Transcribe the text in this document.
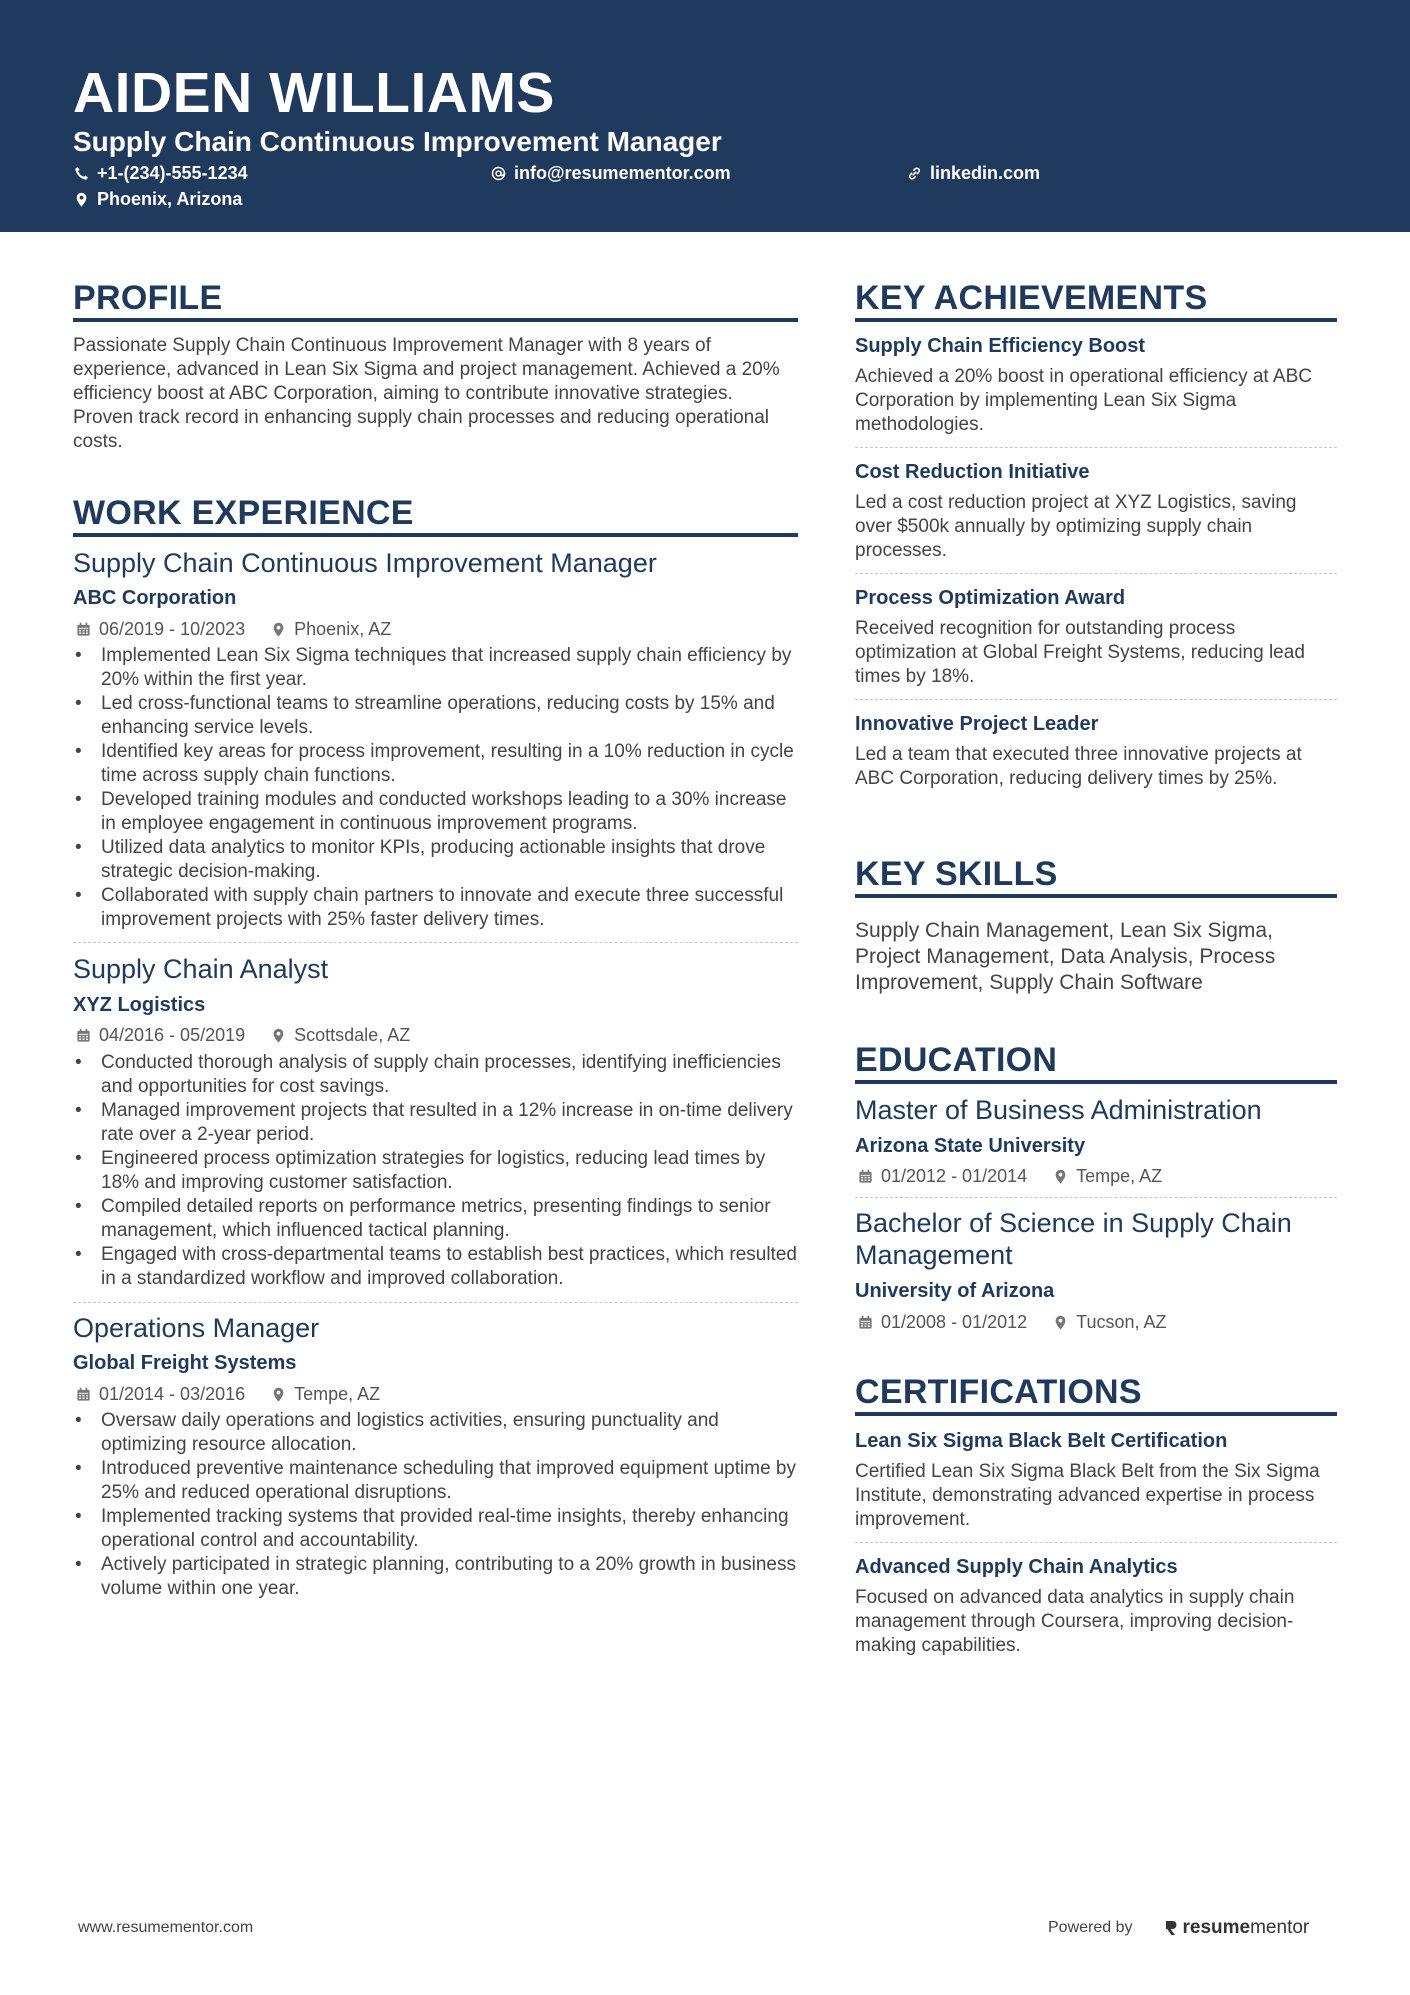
AIDEN WILLIAMS
Supply Chain Continuous Improvement Manager
+1-(234)-555-1234	info@resumementor.com	linkedin.com
Phoenix, Arizona
PROFILE
Passionate Supply Chain Continuous Improvement Manager with 8 years of experience, advanced in Lean Six Sigma and project management. Achieved a 20% efficiency boost at ABC Corporation, aiming to contribute innovative strategies. Proven track record in enhancing supply chain processes and reducing operational costs.
WORK EXPERIENCE
Supply Chain Continuous Improvement Manager
ABC Corporation
06/2019 - 10/2023	Phoenix, AZ
• Implemented Lean Six Sigma techniques that increased supply chain efficiency by 20% within the first year.
• Led cross-functional teams to streamline operations, reducing costs by 15% and enhancing service levels.
• Identified key areas for process improvement, resulting in a 10% reduction in cycle time across supply chain functions.
• Developed training modules and conducted workshops leading to a 30% increase in employee engagement in continuous improvement programs.
• Utilized data analytics to monitor KPIs, producing actionable insights that drove strategic decision-making.
• Collaborated with supply chain partners to innovate and execute three successful improvement projects with 25% faster delivery times.
Supply Chain Analyst
XYZ Logistics
04/2016 - 05/2019	Scottsdale, AZ
• Conducted thorough analysis of supply chain processes, identifying inefficiencies and opportunities for cost savings.
• Managed improvement projects that resulted in a 12% increase in on-time delivery rate over a 2-year period.
• Engineered process optimization strategies for logistics, reducing lead times by 18% and improving customer satisfaction.
• Compiled detailed reports on performance metrics, presenting findings to senior management, which influenced tactical planning.
• Engaged with cross-departmental teams to establish best practices, which resulted in a standardized workflow and improved collaboration.
Operations Manager
Global Freight Systems
01/2014 - 03/2016	Tempe, AZ
• Oversaw daily operations and logistics activities, ensuring punctuality and optimizing resource allocation.
• Introduced preventive maintenance scheduling that improved equipment uptime by 25% and reduced operational disruptions.
• Implemented tracking systems that provided real-time insights, thereby enhancing operational control and accountability.
• Actively participated in strategic planning, contributing to a 20% growth in business volume within one year.
KEY ACHIEVEMENTS
Supply Chain Efficiency Boost
Achieved a 20% boost in operational efficiency at ABC Corporation by implementing Lean Six Sigma methodologies.
Cost Reduction Initiative
Led a cost reduction project at XYZ Logistics, saving over $500k annually by optimizing supply chain processes.
Process Optimization Award
Received recognition for outstanding process optimization at Global Freight Systems, reducing lead times by 18%.
Innovative Project Leader
Led a team that executed three innovative projects at ABC Corporation, reducing delivery times by 25%.
KEY SKILLS
Supply Chain Management, Lean Six Sigma, Project Management, Data Analysis, Process Improvement, Supply Chain Software
EDUCATION
Master of Business Administration
Arizona State University
01/2012 - 01/2014	Tempe, AZ
Bachelor of Science in Supply Chain Management
University of Arizona
01/2008 - 01/2012	Tucson, AZ
CERTIFICATIONS
Lean Six Sigma Black Belt Certification
Certified Lean Six Sigma Black Belt from the Six Sigma Institute, demonstrating advanced expertise in process improvement.
Advanced Supply Chain Analytics
Focused on advanced data analytics in supply chain management through Coursera, improving decision-making capabilities.
www.resumementor.com	Powered by	resume mentor
